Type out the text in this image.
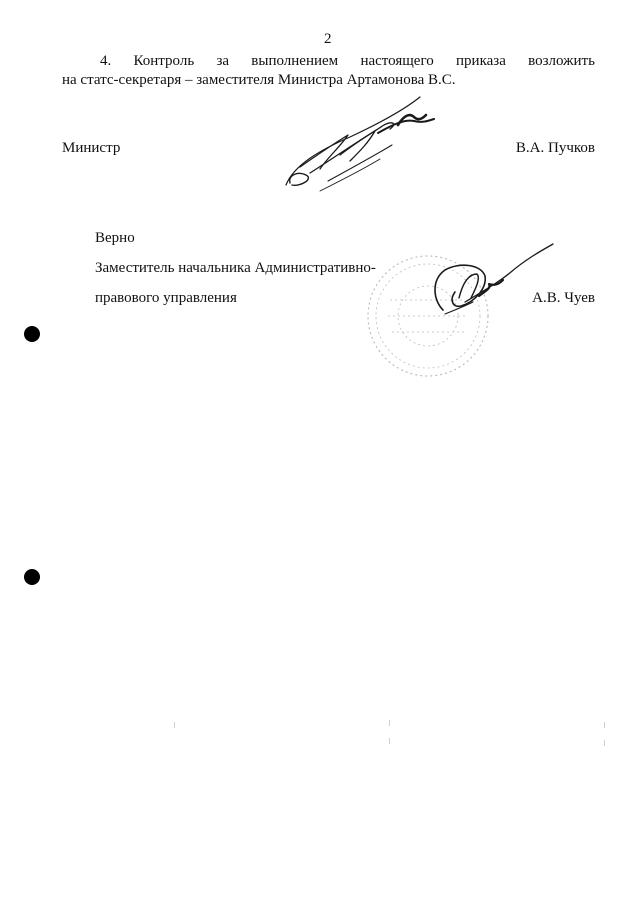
2
4. Контроль за выполнением настоящего приказа возложить
на статс-секретаря – заместителя Министра Артамонова В.С.
Министр	В.А. Пучков
Верно
Заместитель начальника Административно-
правового управления	А.В. Чуев
